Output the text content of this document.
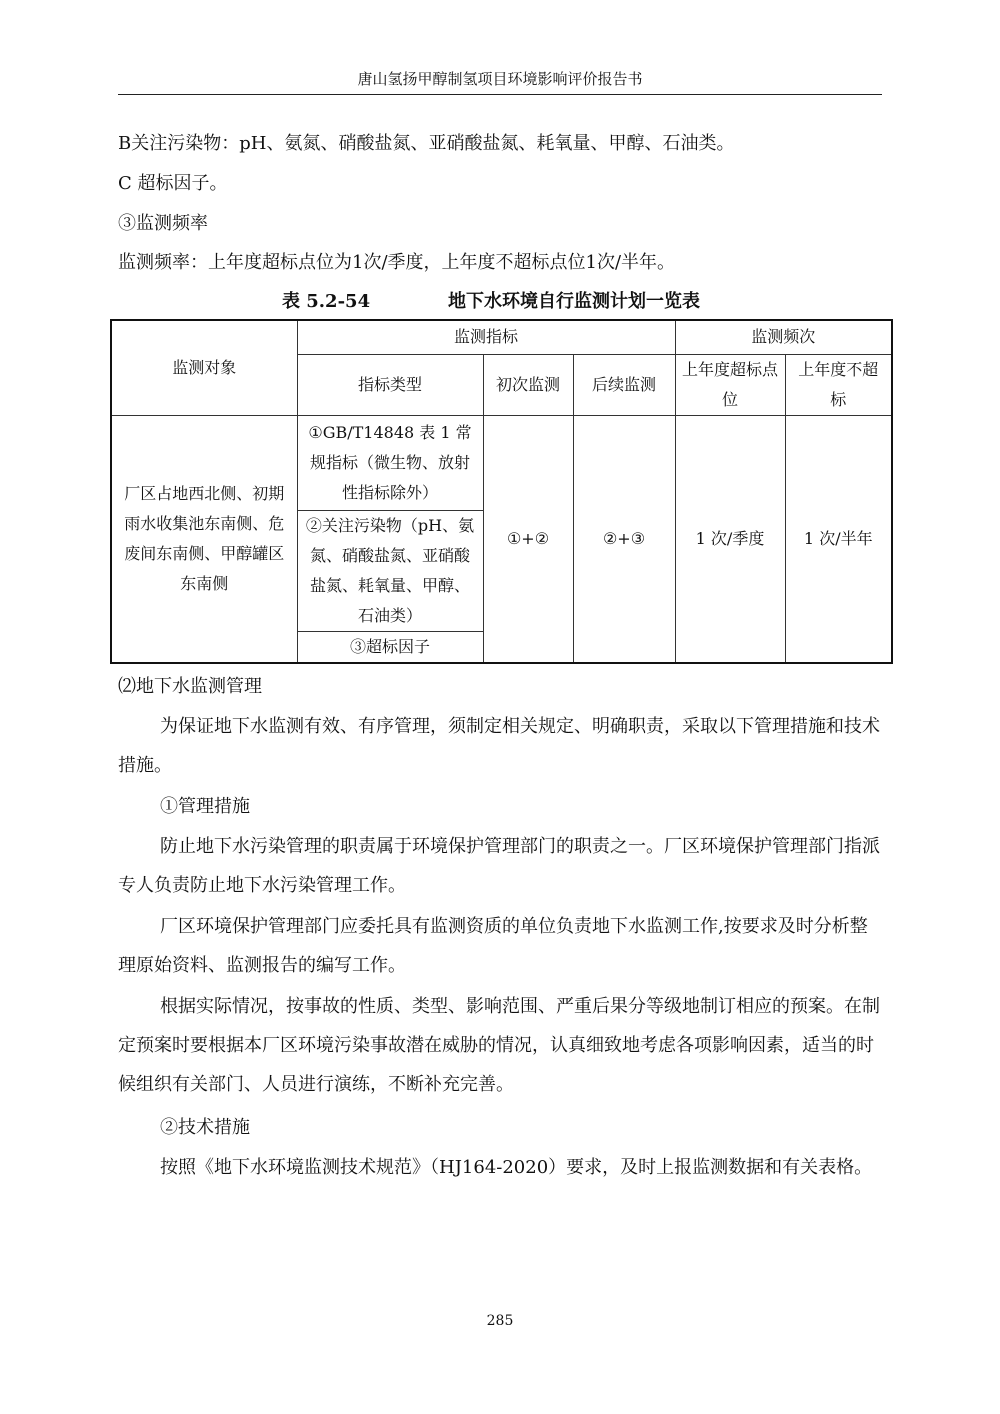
唐山氢扬甲醇制氢项目环境影响评价报告书

B关注污染物：pH、氨氮、硝酸盐氮、亚硝酸盐氮、耗氧量、甲醇、石油类。

C 超标因子。

③监测频率

监测频率：上年度超标点位为1次/季度，上年度不超标点位1次/半年。

表 5.2-54	地下水环境自行监测计划一览表
监测对象	监测指标			监测频次	
	指标类型	初次监测	后续监测	上年度超标点位	上年度不超标
厂区占地西北侧、初期雨水收集池东南侧、危废间东南侧、甲醇罐区东南侧	①GB/T14848 表 1 常规指标（微生物、放射性指标除外）	①+②	②+③	1 次/季度	1 次/半年
	②关注污染物（pH、氨氮、硝酸盐氮、亚硝酸盐氮、耗氧量、甲醇、石油类）				
	③超标因子				

⑵地下水监测管理

为保证地下水监测有效、有序管理，须制定相关规定、明确职责，采取以下管理措施和技术措施。

①管理措施

防止地下水污染管理的职责属于环境保护管理部门的职责之一。厂区环境保护管理部门指派专人负责防止地下水污染管理工作。

厂区环境保护管理部门应委托具有监测资质的单位负责地下水监测工作,按要求及时分析整理原始资料、监测报告的编写工作。

根据实际情况，按事故的性质、类型、影响范围、严重后果分等级地制订相应的预案。在制定预案时要根据本厂区环境污染事故潜在威胁的情况，认真细致地考虑各项影响因素，适当的时候组织有关部门、人员进行演练，不断补充完善。

②技术措施

按照《地下水环境监测技术规范》（HJ164-2020）要求，及时上报监测数据和有关表格。

285
